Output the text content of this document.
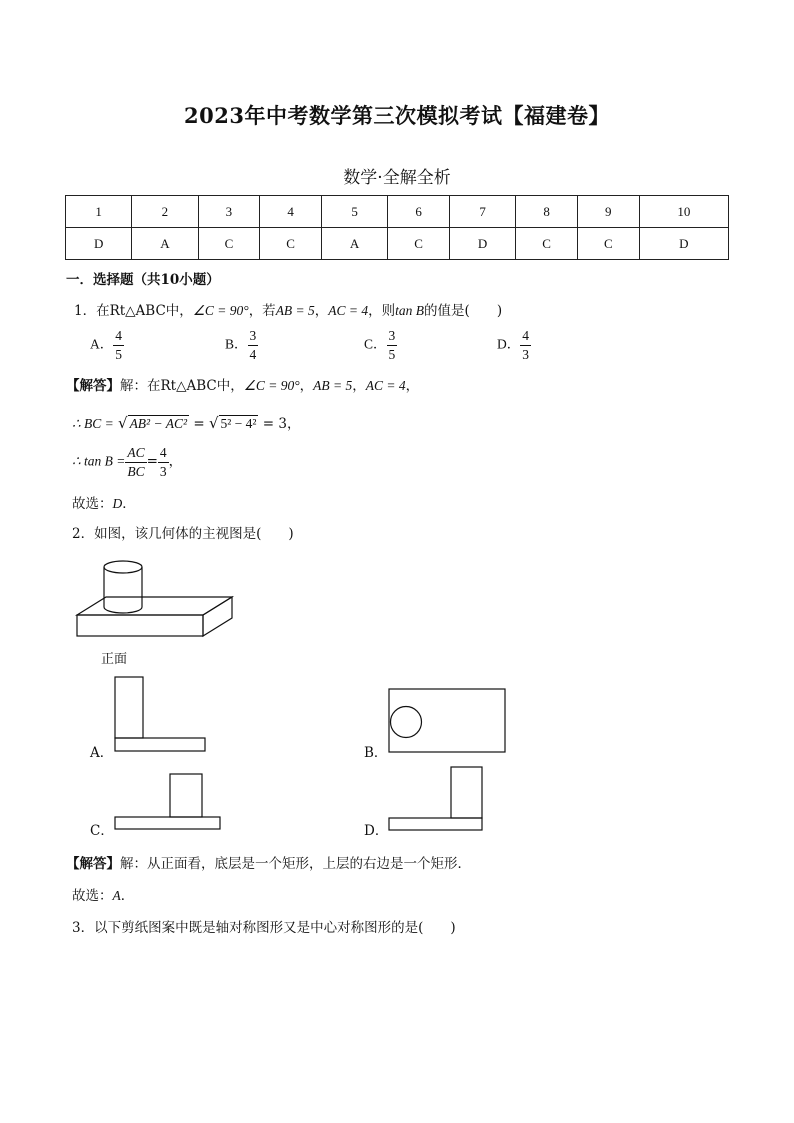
2023年中考数学第三次模拟考试【福建卷】
数学·全解全析
1	2	3	4	5	6	7	8	9	10
D	A	C	C	A	C	D	C	C	D
一．选择题（共10小题）
1．在Rt△ABC中，∠C = 90°，若AB = 5，AC = 4，则tan B的值是(　　)
A． $\frac{4}{5}$	B． $\frac{3}{4}$	C． $\frac{3}{5}$	D． $\frac{4}{3}$
【解答】解：在Rt△ABC中，∠C = 90°，AB = 5，AC = 4，
∴ BC = √ AB² − AC² = √ 5² − 4² = 3，
∴ $\tan B = \frac{AC}{BC} = \frac{4}{3}$ ，
故选：D．
2．如图，该几何体的主视图是(　　)
正面
A．	B．
C．	D．
【解答】解：从正面看，底层是一个矩形，上层的右边是一个矩形．
故选：A．
3．以下剪纸图案中既是轴对称图形又是中心对称图形的是(　　)
